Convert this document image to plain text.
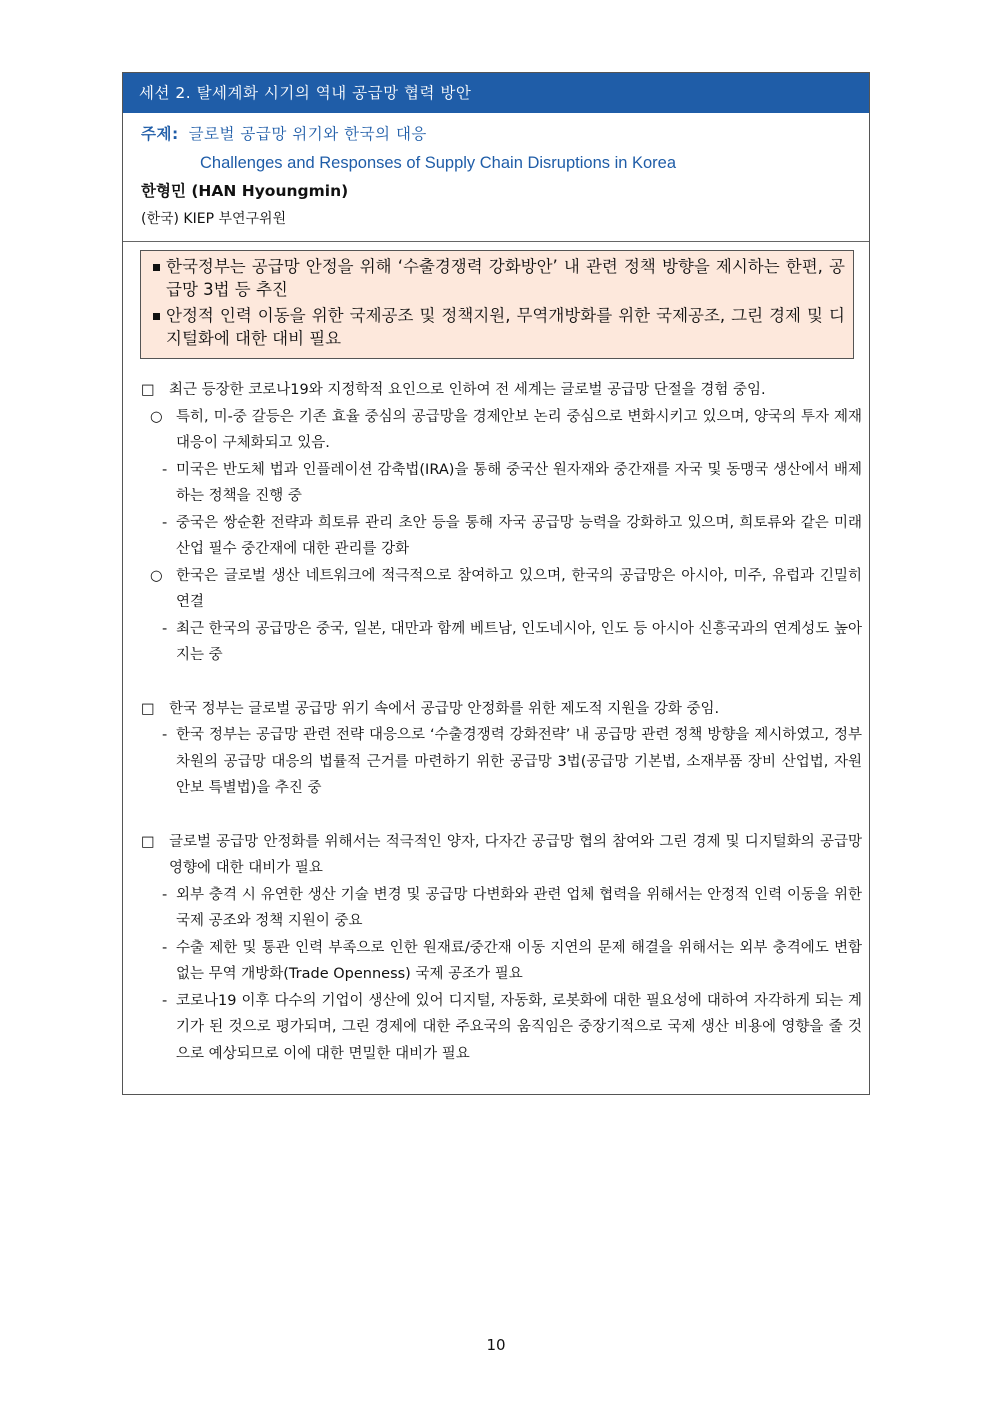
세션 2. 탈세계화 시기의 역내 공급망 협력 방안
주제: 글로벌 공급망 위기와 한국의 대응
Challenges and Responses of Supply Chain Disruptions in Korea
한형민 (HAN Hyoungmin)
(한국) KIEP 부연구위원
한국정부는 공급망 안정을 위해 ‘수출경쟁력 강화방안’ 내 관련 정책 방향을 제시하는 한편, 공급망 3법 등 추진
안정적 인력 이동을 위한 국제공조 및 정책지원, 무역개방화를 위한 국제공조, 그린 경제 및 디지털화에 대한 대비 필요
□ 최근 등장한 코로나19와 지정학적 요인으로 인하여 전 세계는 글로벌 공급망 단절을 경험 중임.
○ 특히, 미-중 갈등은 기존 효율 중심의 공급망을 경제안보 논리 중심으로 변화시키고 있으며, 양국의 투자 제재 대응이 구체화되고 있음.
- 미국은 반도체 법과 인플레이션 감축법(IRA)을 통해 중국산 원자재와 중간재를 자국 및 동맹국 생산에서 배제하는 정책을 진행 중
- 중국은 쌍순환 전략과 희토류 관리 초안 등을 통해 자국 공급망 능력을 강화하고 있으며, 희토류와 같은 미래 산업 필수 중간재에 대한 관리를 강화
○ 한국은 글로벌 생산 네트워크에 적극적으로 참여하고 있으며, 한국의 공급망은 아시아, 미주, 유럽과 긴밀히 연결
- 최근 한국의 공급망은 중국, 일본, 대만과 함께 베트남, 인도네시아, 인도 등 아시아 신흥국과의 연계성도 높아지는 중
□ 한국 정부는 글로벌 공급망 위기 속에서 공급망 안정화를 위한 제도적 지원을 강화 중임.
- 한국 정부는 공급망 관련 전략 대응으로 ‘수출경쟁력 강화전략’ 내 공급망 관련 정책 방향을 제시하였고, 정부 차원의 공급망 대응의 법률적 근거를 마련하기 위한 공급망 3법(공급망 기본법, 소재부품 장비 산업법, 자원 안보 특별법)을 추진 중
□ 글로벌 공급망 안정화를 위해서는 적극적인 양자, 다자간 공급망 협의 참여와 그린 경제 및 디지털화의 공급망 영향에 대한 대비가 필요
- 외부 충격 시 유연한 생산 기술 변경 및 공급망 다변화와 관련 업체 협력을 위해서는 안정적 인력 이동을 위한 국제 공조와 정책 지원이 중요
- 수출 제한 및 통관 인력 부족으로 인한 원재료/중간재 이동 지연의 문제 해결을 위해서는 외부 충격에도 변함없는 무역 개방화(Trade Openness) 국제 공조가 필요
- 코로나19 이후 다수의 기업이 생산에 있어 디지털, 자동화, 로봇화에 대한 필요성에 대하여 자각하게 되는 계기가 된 것으로 평가되며, 그린 경제에 대한 주요국의 움직임은 중장기적으로 국제 생산 비용에 영향을 줄 것으로 예상되므로 이에 대한 면밀한 대비가 필요
10
